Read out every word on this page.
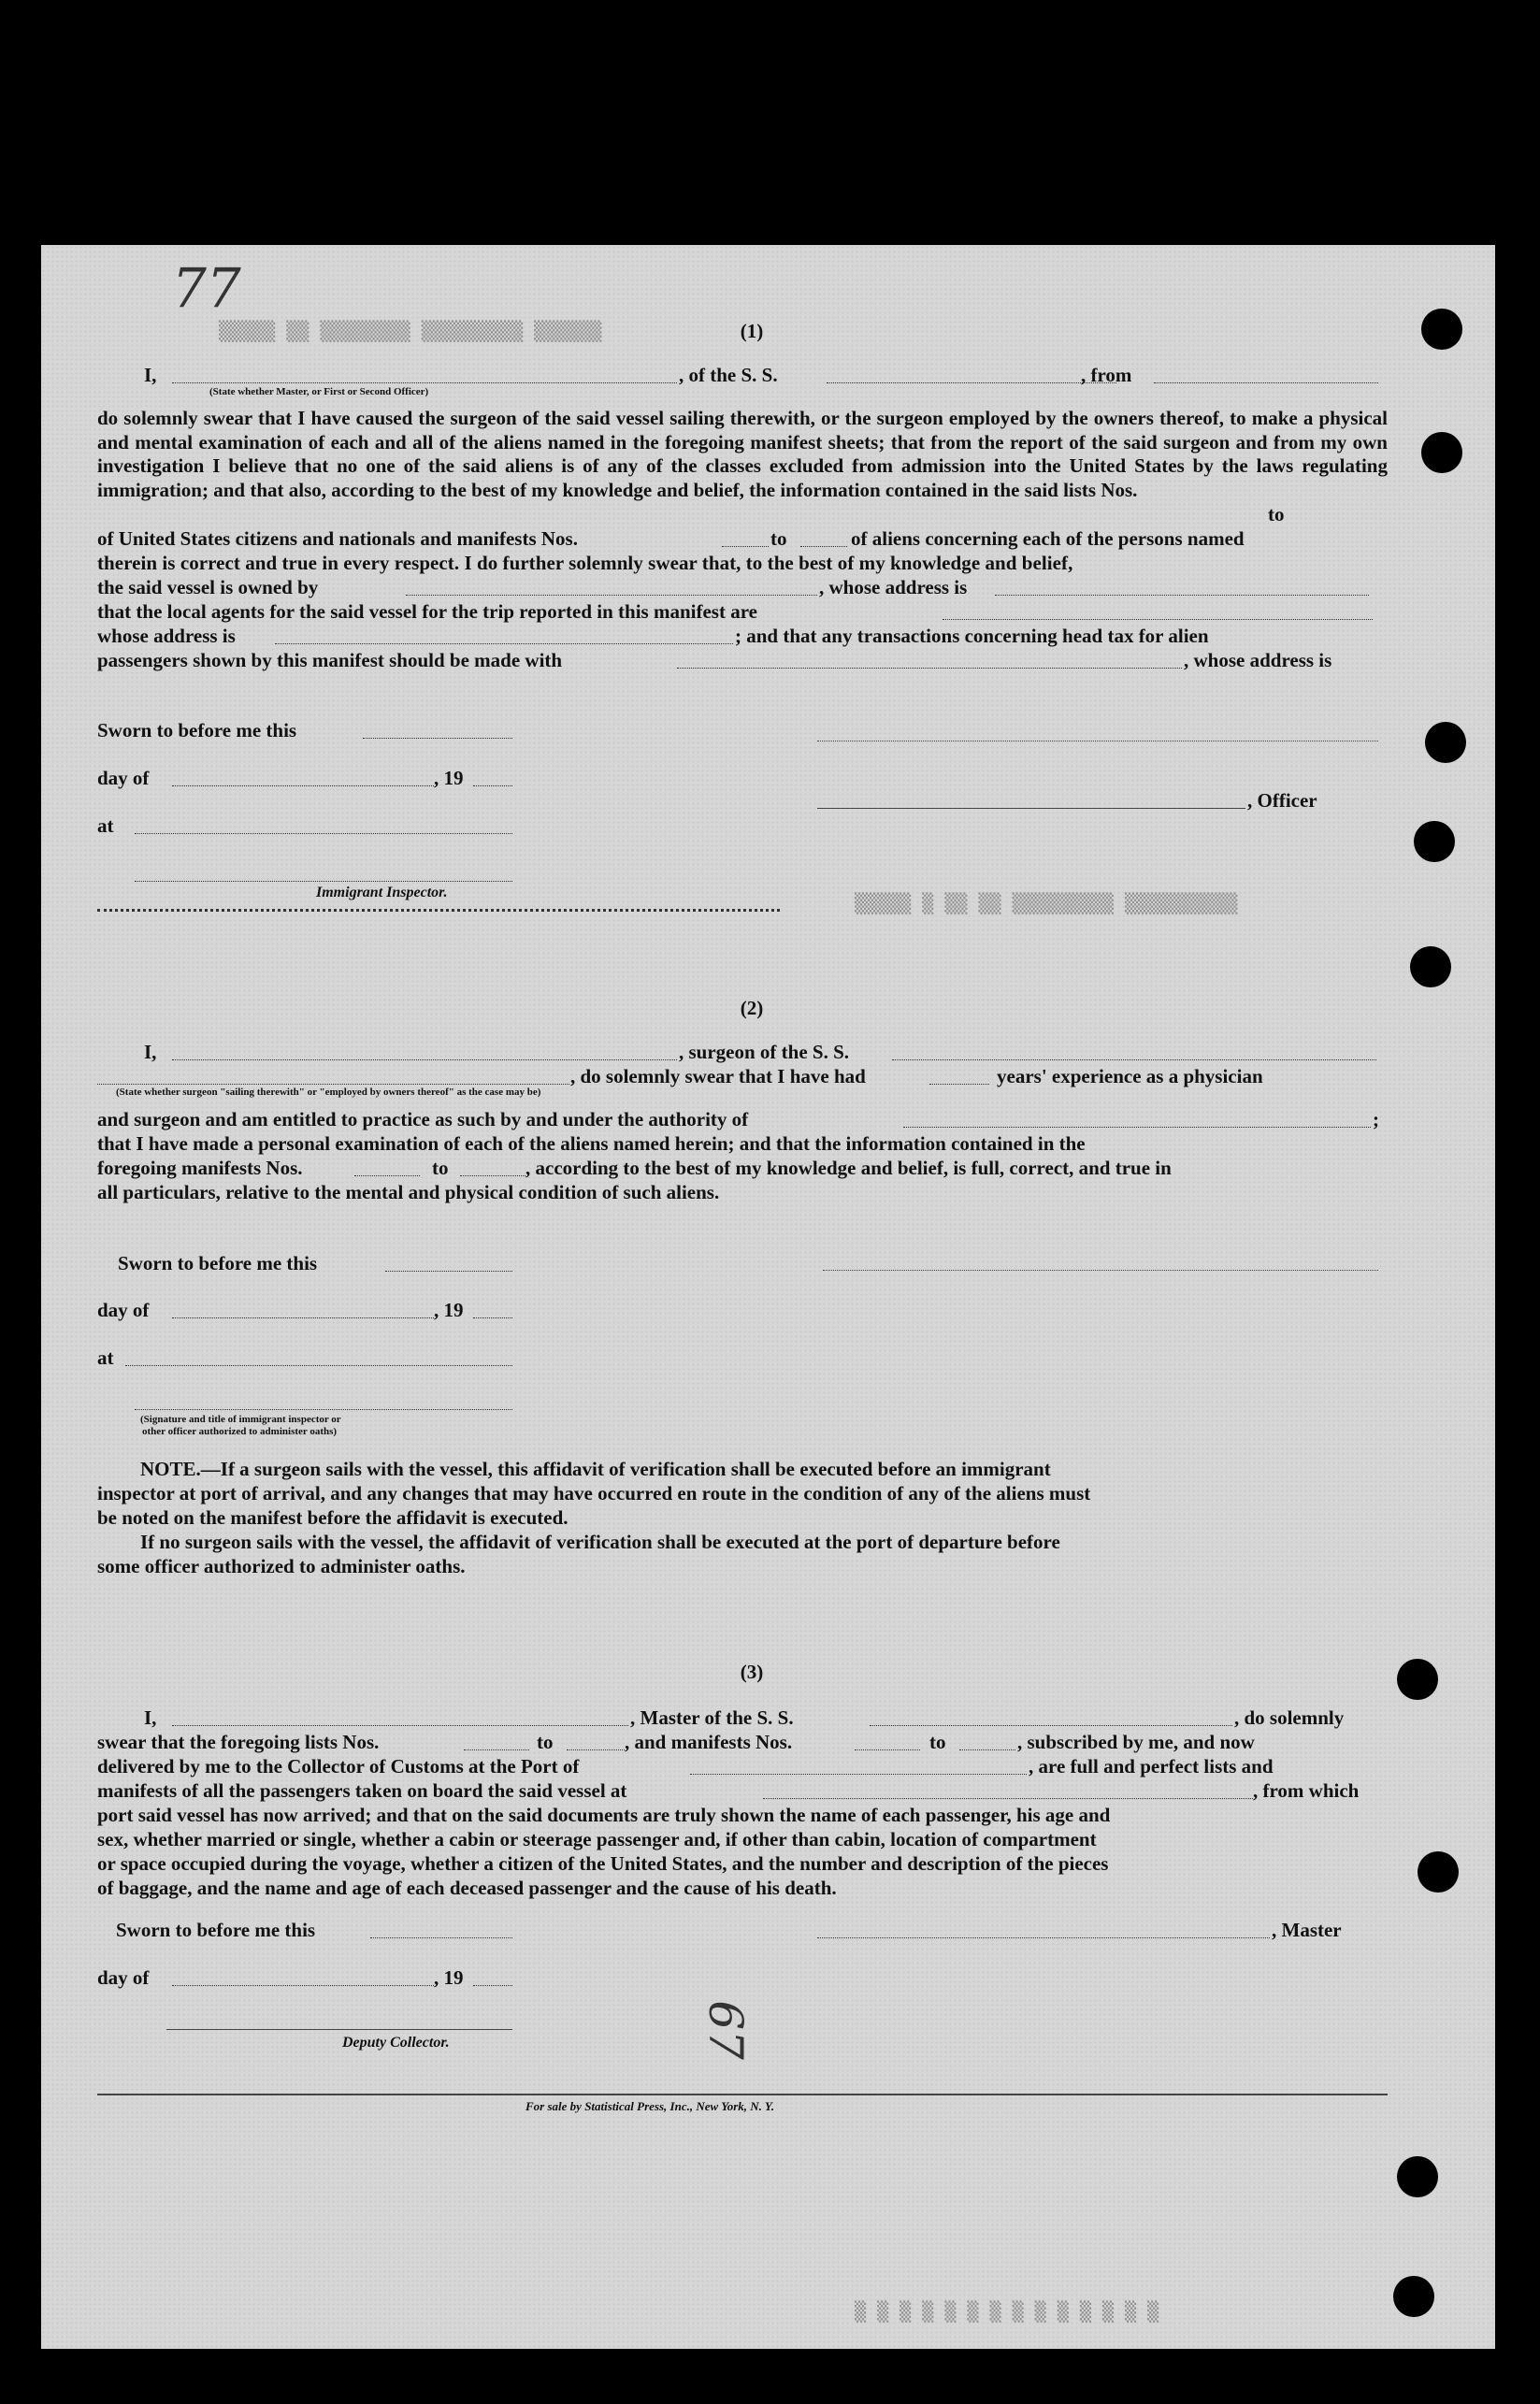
77
▒▒▒▒▒ ▒▒ ▒▒▒▒▒▒▒▒ ▒▒▒▒▒▒▒▒▒ ▒▒▒▒▒▒	(1)
I,	, of the S. S.	, from
(State whether Master, or First or Second Officer)
do solemnly swear that I have caused the surgeon of the said vessel sailing therewith, or the surgeon employed by the owners thereof, to make a physical and mental examination of each and all of the aliens named in the foregoing manifest sheets; that from the report of the said surgeon and from my own investigation I believe that no one of the said aliens is of any of the classes excluded from admission into the United States by the laws regulating immigration; and that also, according to the best of my knowledge and belief, the information contained in the said lists Nos.
to
of United States citizens and nationals and manifests Nos.	to	of aliens concerning each of the persons named
therein is correct and true in every respect. I do further solemnly swear that, to the best of my knowledge and belief,
the said vessel is owned by	, whose address is
that the local agents for the said vessel for the trip reported in this manifest are
whose address is	; and that any transactions concerning head tax for alien
passengers shown by this manifest should be made with	, whose address is
Sworn to before me this
day of	, 19
, Officer
at
Immigrant Inspector.	▒▒▒▒▒ ▒ ▒▒ ▒▒ ▒▒▒▒▒▒▒▒▒ ▒▒▒▒▒▒▒▒▒▒
(2)
I,	, surgeon of the S. S.
, do solemnly swear that I have had	years' experience as a physician
(State whether surgeon "sailing therewith" or "employed by owners thereof" as the case may be)
and surgeon and am entitled to practice as such by and under the authority of	;
that I have made a personal examination of each of the aliens named herein; and that the information contained in the
foregoing manifests Nos.	to	, according to the best of my knowledge and belief, is full, correct, and true in
all particulars, relative to the mental and physical condition of such aliens.
Sworn to before me this
day of	, 19
at
(Signature and title of immigrant inspector or
other officer authorized to administer oaths)
NOTE.—If a surgeon sails with the vessel, this affidavit of verification shall be executed before an immigrant
inspector at port of arrival, and any changes that may have occurred en route in the condition of any of the aliens must
be noted on the manifest before the affidavit is executed.
If no surgeon sails with the vessel, the affidavit of verification shall be executed at the port of departure before
some officer authorized to administer oaths.
(3)
I,	, Master of the S. S.	, do solemnly
swear that the foregoing lists Nos.	to	, and manifests Nos.	to	, subscribed by me, and now
delivered by me to the Collector of Customs at the Port of	, are full and perfect lists and
manifests of all the passengers taken on board the said vessel at	, from which
port said vessel has now arrived; and that on the said documents are truly shown the name of each passenger, his age and
sex, whether married or single, whether a cabin or steerage passenger and, if other than cabin, location of compartment
or space occupied during the voyage, whether a citizen of the United States, and the number and description of the pieces
of baggage, and the name and age of each deceased passenger and the cause of his death.
Sworn to before me this	, Master
day of	, 19
Deputy Collector.	67
For sale by Statistical Press, Inc., New York, N. Y.
▒ ▒ ▒ ▒ ▒ ▒ ▒ ▒ ▒ ▒ ▒ ▒ ▒ ▒
